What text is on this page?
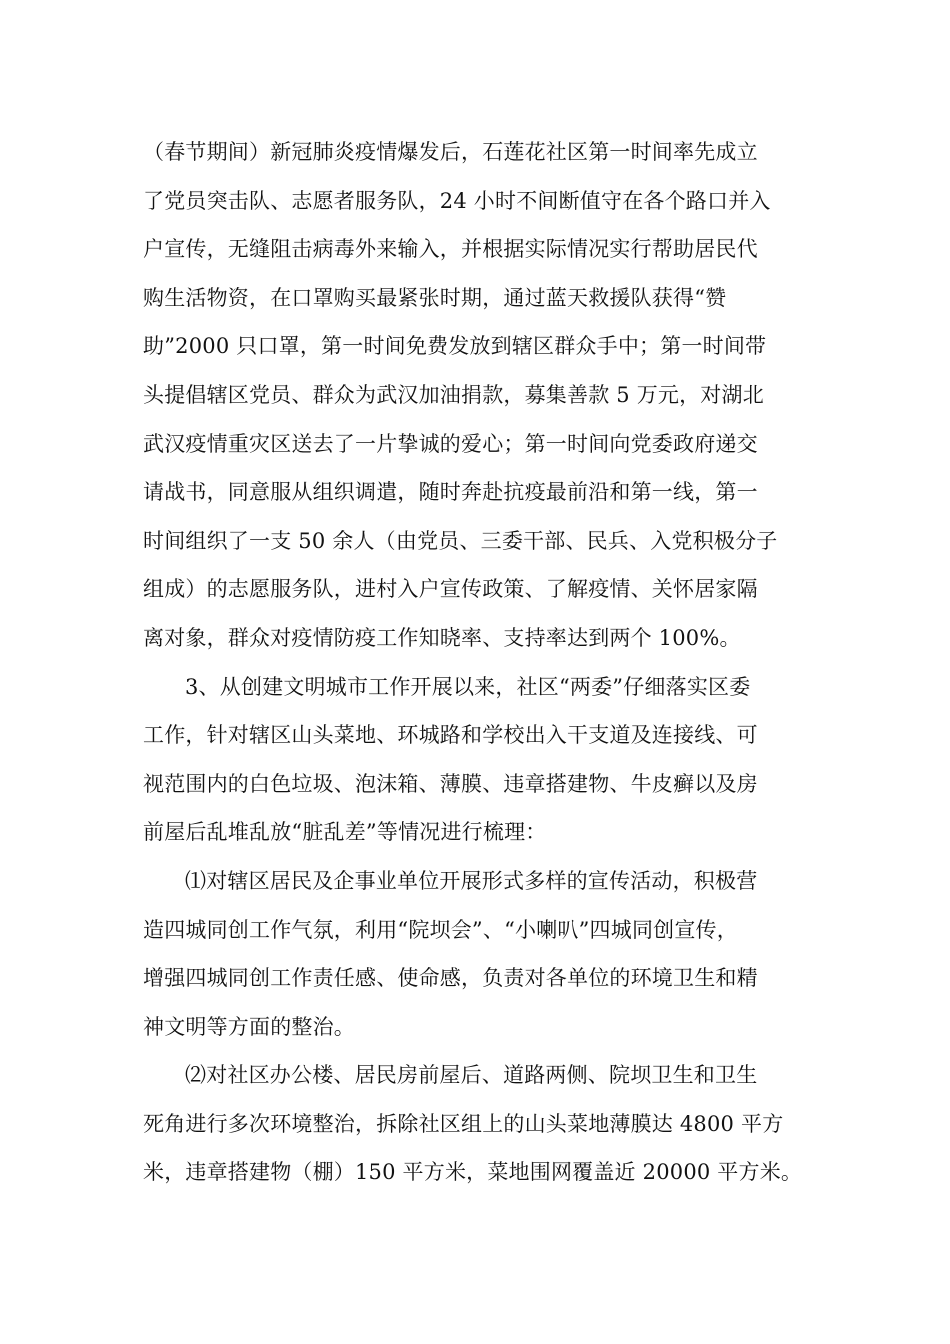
（春节期间）新冠肺炎疫情爆发后，石莲花社区第一时间率先成立
了党员突击队、志愿者服务队，24 小时不间断值守在各个路口并入
户宣传，无缝阻击病毒外来输入，并根据实际情况实行帮助居民代
购生活物资，在口罩购买最紧张时期，通过蓝天救援队获得“赞
助”2000 只口罩，第一时间免费发放到辖区群众手中；第一时间带
头提倡辖区党员、群众为武汉加油捐款，募集善款 5 万元，对湖北
武汉疫情重灾区送去了一片挚诚的爱心；第一时间向党委政府递交
请战书，同意服从组织调遣，随时奔赴抗疫最前沿和第一线，第一
时间组织了一支 50 余人（由党员、三委干部、民兵、入党积极分子
组成）的志愿服务队，进村入户宣传政策、了解疫情、关怀居家隔
离对象，群众对疫情防疫工作知晓率、支持率达到两个 100%。
3、从创建文明城市工作开展以来，社区“两委”仔细落实区委
工作，针对辖区山头菜地、环城路和学校出入干支道及连接线、可
视范围内的白色垃圾、泡沫箱、薄膜、违章搭建物、牛皮癣以及房
前屋后乱堆乱放“脏乱差”等情况进行梳理：
⑴对辖区居民及企事业单位开展形式多样的宣传活动，积极营
造四城同创工作气氛，利用“院坝会”、“小喇叭”四城同创宣传，
增强四城同创工作责任感、使命感，负责对各单位的环境卫生和精
神文明等方面的整治。
⑵对社区办公楼、居民房前屋后、道路两侧、院坝卫生和卫生
死角进行多次环境整治，拆除社区组上的山头菜地薄膜达 4800 平方
米，违章搭建物（棚）150 平方米，菜地围网覆盖近 20000 平方米。
